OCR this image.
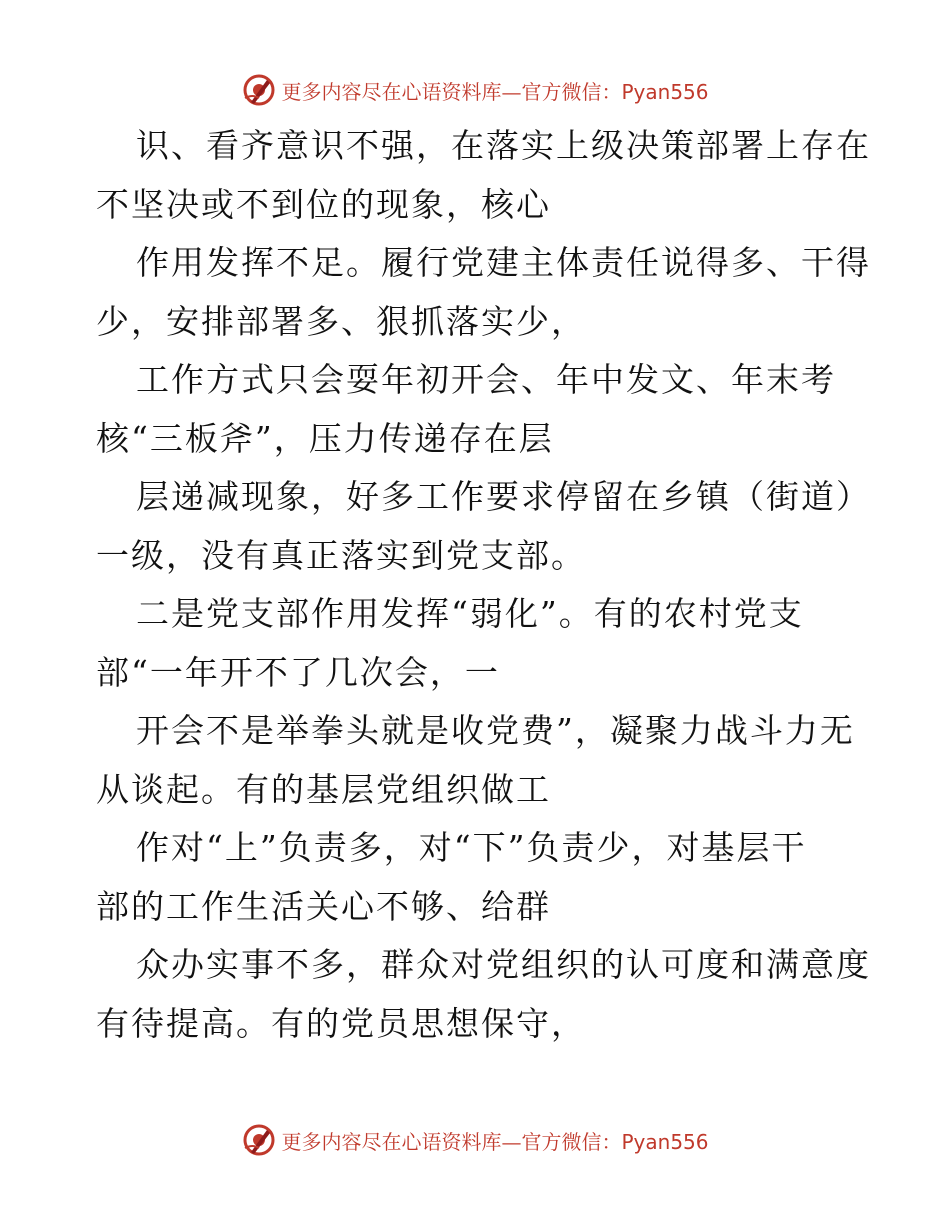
更多内容尽在心语资料库—官方微信：Pyan556

识、看齐意识不强，在落实上级决策部署上存在
不坚决或不到位的现象，核心

作用发挥不足。履行党建主体责任说得多、干得
少，安排部署多、狠抓落实少，

工作方式只会耍年初开会、年中发文、年末考
核“三板斧”，压力传递存在层

层递减现象，好多工作要求停留在乡镇（街道）
一级，没有真正落实到党支部。

二是党支部作用发挥“弱化”。有的农村党支
部“一年开不了几次会，一

开会不是举拳头就是收党费”，凝聚力战斗力无
从谈起。有的基层党组织做工

作对“上”负责多，对“下”负责少，对基层干
部的工作生活关心不够、给群

众办实事不多，群众对党组织的认可度和满意度
有待提高。有的党员思想保守，

更多内容尽在心语资料库—官方微信：Pyan556
